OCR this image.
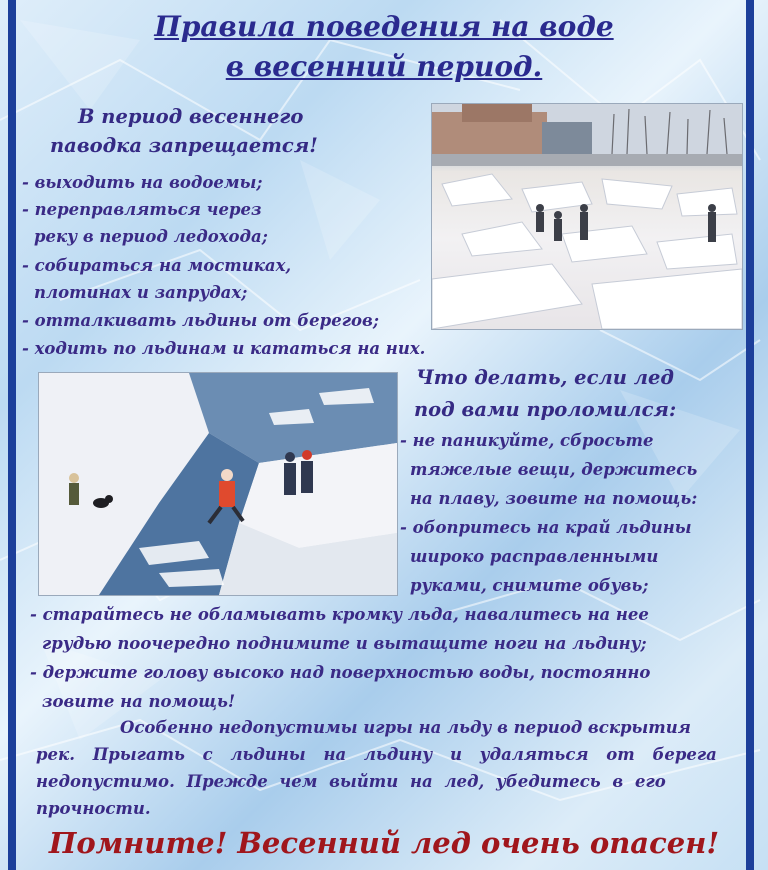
Правила поведения на воде
в весенний период.

В период весеннего

паводка запрещается!

- выходить на водоемы;

- переправляться через

реку в период ледохода;

- собираться на мостиках,

плотинах и запрудах;

- отталкивать льдины от берегов;

- ходить по льдинам и кататься на них.

Что делать, если лед

под вами проломился:

- не паникуйте, сбросьте

тяжелые вещи, держитесь

на плаву, зовите на помощь:

- обопритесь на край льдины

широко расправленными

руками, снимите обувь;

- старайтесь не обламывать кромку льда, навалитесь на нее

грудью поочередно поднимите и вытащите ноги на льдину;

- держите голову высоко над поверхностью воды, постоянно

зовите на помощь!

Особенно недопустимы игры на льду в период вскрытия

рек. Прыгать с льдины на льдину и удаляться от берега

недопустимо. Прежде чем выйти на лед, убедитесь в его

прочности.

Помните! Весенний лед очень опасен!
